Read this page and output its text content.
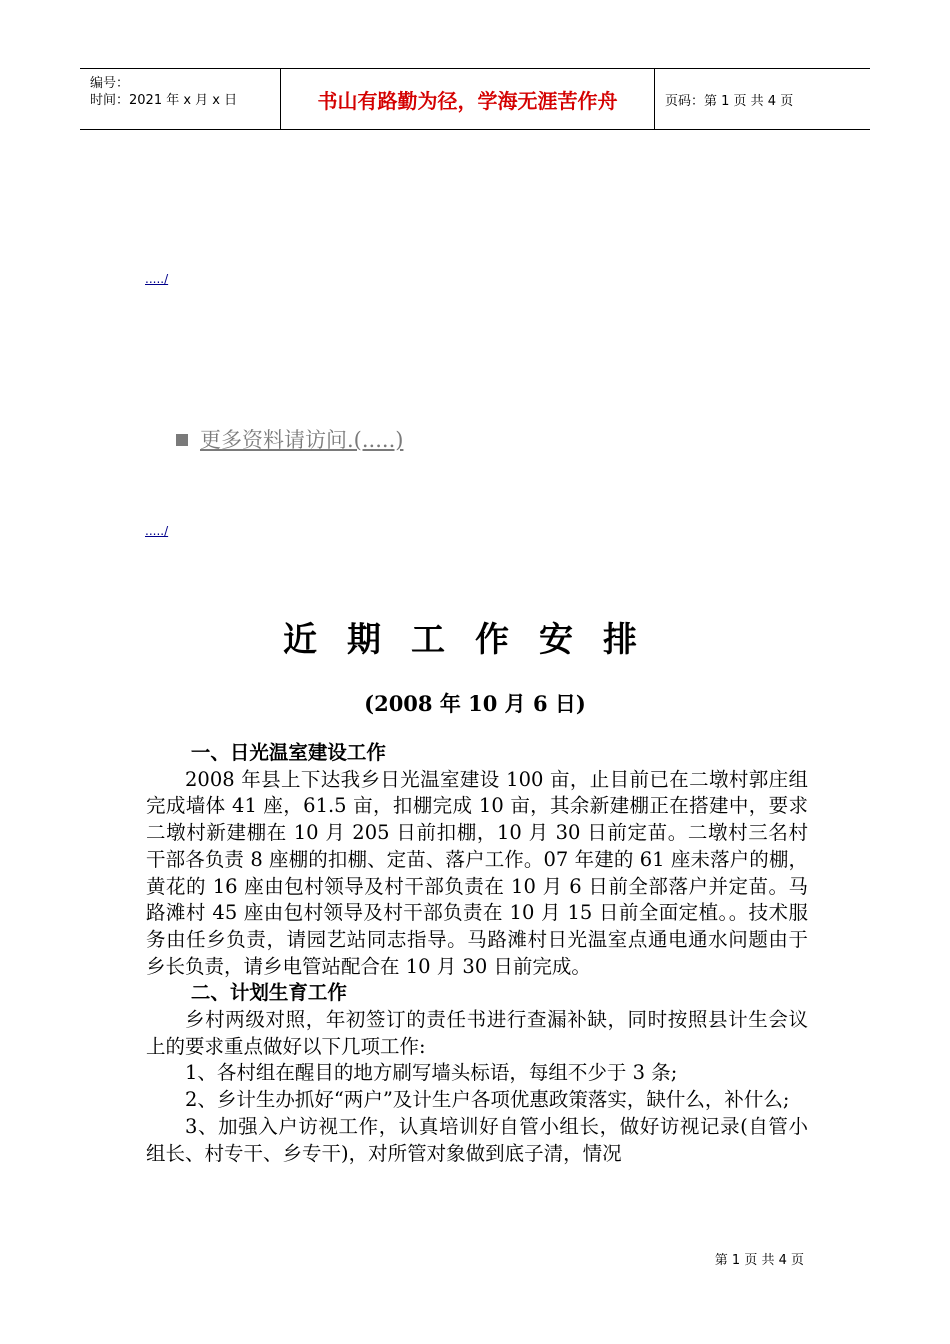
编号：
时间：2021 年 x 月 x 日	书山有路勤为径，学海无涯苦作舟	页码：第 1 页 共 4 页
...../
更多资料请访问.(.....)
...../
近期工作安排
(2008 年 10 月 6 日)
一、日光温室建设工作

2008 年县上下达我乡日光温室建设 100 亩，止目前已在二墩村郭庄组完成墙体 41 座，61.5 亩，扣棚完成 10 亩，其余新建棚正在搭建中，要求二墩村新建棚在 10 月 205 日前扣棚，10 月 30 日前定苗。二墩村三名村干部各负责 8 座棚的扣棚、定苗、落户工作。07 年建的 61 座未落户的棚，黄花的 16 座由包村领导及村干部负责在 10 月 6 日前全部落户并定苗。马路滩村 45 座由包村领导及村干部负责在 10 月 15 日前全面定植。。技术服务由任乡负责，请园艺站同志指导。马路滩村日光温室点通电通水问题由于乡长负责，请乡电管站配合在 10 月 30 日前完成。

二、计划生育工作

乡村两级对照，年初签订的责任书进行查漏补缺，同时按照县计生会议上的要求重点做好以下几项工作:

1、各村组在醒目的地方刷写墙头标语，每组不少于 3 条;

2、乡计生办抓好“两户”及计生户各项优惠政策落实，缺什么，补什么;

3、加强入户访视工作，认真培训好自管小组长，做好访视记录(自管小组长、村专干、乡专干)，对所管对象做到底子清，情况

第 1 页 共 4 页
